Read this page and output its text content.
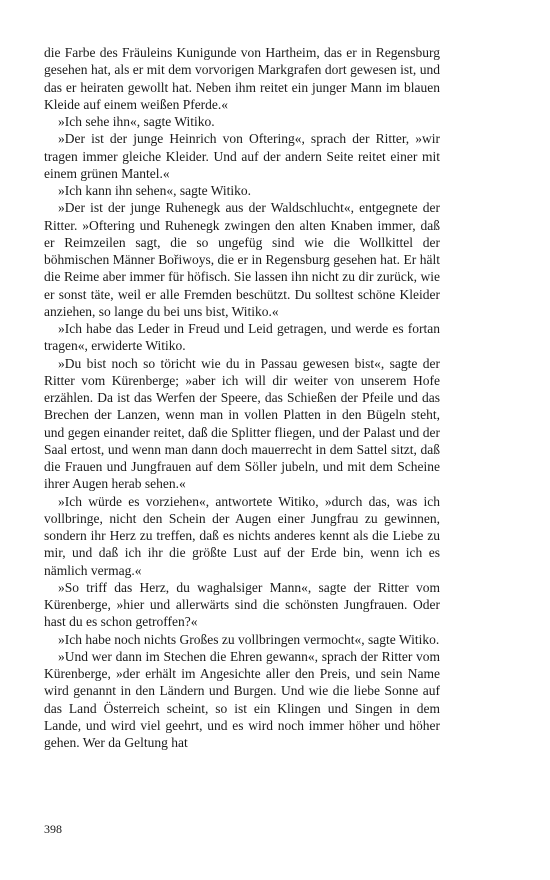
die Farbe des Fräuleins Kunigunde von Hartheim, das er in Regensburg gesehen hat, als er mit dem vorvorigen Markgrafen dort gewesen ist, und das er heiraten gewollt hat. Neben ihm reitet ein junger Mann im blauen Kleide auf einem weißen Pferde.«

»Ich sehe ihn«, sagte Witiko.

»Der ist der junge Heinrich von Oftering«, sprach der Ritter, »wir tragen immer gleiche Kleider. Und auf der andern Seite reitet einer mit einem grünen Mantel.«

»Ich kann ihn sehen«, sagte Witiko.

»Der ist der junge Ruhenegk aus der Waldschlucht«, entgegnete der Ritter. »Oftering und Ruhenegk zwingen den alten Knaben immer, daß er Reimzeilen sagt, die so ungefüg sind wie die Wollkittel der böhmischen Männer Bořiwoys, die er in Regensburg gesehen hat. Er hält die Reime aber immer für höfisch. Sie lassen ihn nicht zu dir zurück, wie er sonst täte, weil er alle Fremden beschützt. Du solltest schöne Kleider anziehen, so lange du bei uns bist, Witiko.«

»Ich habe das Leder in Freud und Leid getragen, und werde es fortan tragen«, erwiderte Witiko.

»Du bist noch so töricht wie du in Passau gewesen bist«, sagte der Ritter vom Kürenberge; »aber ich will dir weiter von unserem Hofe erzählen. Da ist das Werfen der Speere, das Schießen der Pfeile und das Brechen der Lanzen, wenn man in vollen Platten in den Bügeln steht, und gegen einander reitet, daß die Splitter fliegen, und der Palast und der Saal ertost, und wenn man dann doch mauerrecht in dem Sattel sitzt, daß die Frauen und Jungfrauen auf dem Söller jubeln, und mit dem Scheine ihrer Augen herab sehen.«

»Ich würde es vorziehen«, antwortete Witiko, »durch das, was ich vollbringe, nicht den Schein der Augen einer Jungfrau zu gewinnen, sondern ihr Herz zu treffen, daß es nichts anderes kennt als die Liebe zu mir, und daß ich ihr die größte Lust auf der Erde bin, wenn ich es nämlich vermag.«

»So triff das Herz, du waghalsiger Mann«, sagte der Ritter vom Kürenberge, »hier und allerwärts sind die schönsten Jungfrauen. Oder hast du es schon getroffen?«

»Ich habe noch nichts Großes zu vollbringen vermocht«, sagte Witiko.

»Und wer dann im Stechen die Ehren gewann«, sprach der Ritter vom Kürenberge, »der erhält im Angesichte aller den Preis, und sein Name wird genannt in den Ländern und Burgen. Und wie die liebe Sonne auf das Land Österreich scheint, so ist ein Klingen und Singen in dem Lande, und wird viel geehrt, und es wird noch immer höher und höher gehen. Wer da Geltung hat

398
